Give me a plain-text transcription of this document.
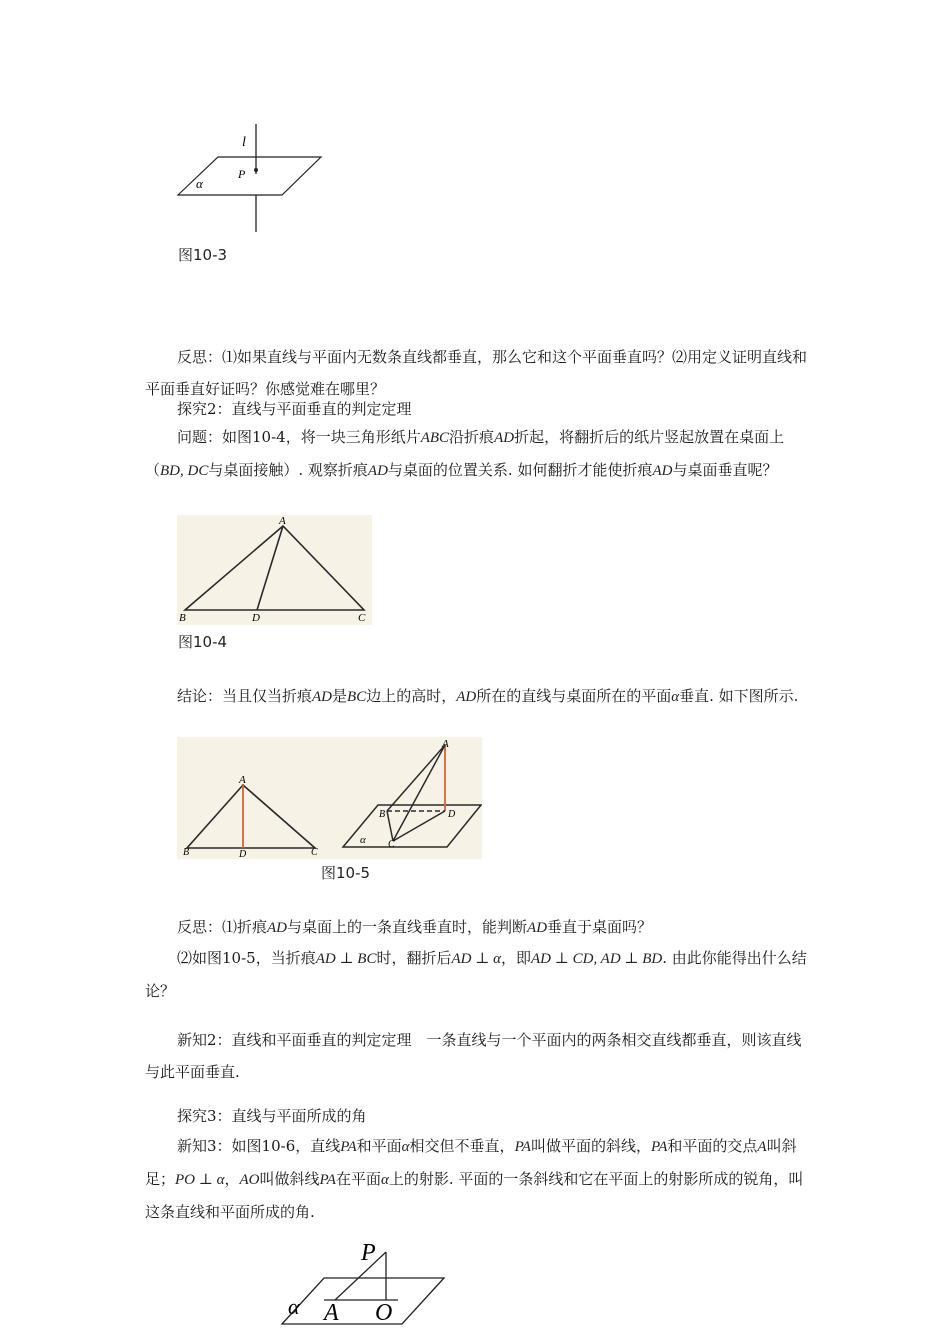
l
P
α
图10-3

反思：⑴如果直线与平面内无数条直线都垂直，那么它和这个平面垂直吗？⑵用定义证明直线和平面垂直好证吗？你感觉难在哪里？

探究2：直线与平面垂直的判定定理

问题：如图10-4，将一块三角形纸片ABC沿折痕AD折起，将翻折后的纸片竖起放置在桌面上（BD, DC与桌面接触）. 观察折痕AD与桌面的位置关系. 如何翻折才能使折痕AD与桌面垂直呢？

A
B	D	C
图10-4

结论：当且仅当折痕AD是BC边上的高时，AD所在的直线与桌面所在的平面α垂直. 如下图所示.

A
B	D	C
A
B	D
C
α
图10-5

反思：⑴折痕AD与桌面上的一条直线垂直时，能判断AD垂直于桌面吗？

⑵如图10-5，当折痕AD ⊥ BC时，翻折后AD ⊥ α，即AD ⊥ CD, AD ⊥ BD. 由此你能得出什么结论？

新知2：直线和平面垂直的判定定理　一条直线与一个平面内的两条相交直线都垂直，则该直线与此平面垂直.

探究3：直线与平面所成的角

新知3：如图10-6，直线PA和平面α相交但不垂直，PA叫做平面的斜线，PA和平面的交点A叫斜足；PO ⊥ α，AO叫做斜线PA在平面α上的射影. 平面的一条斜线和它在平面上的射影所成的锐角，叫这条直线和平面所成的角.

P
A O
α
